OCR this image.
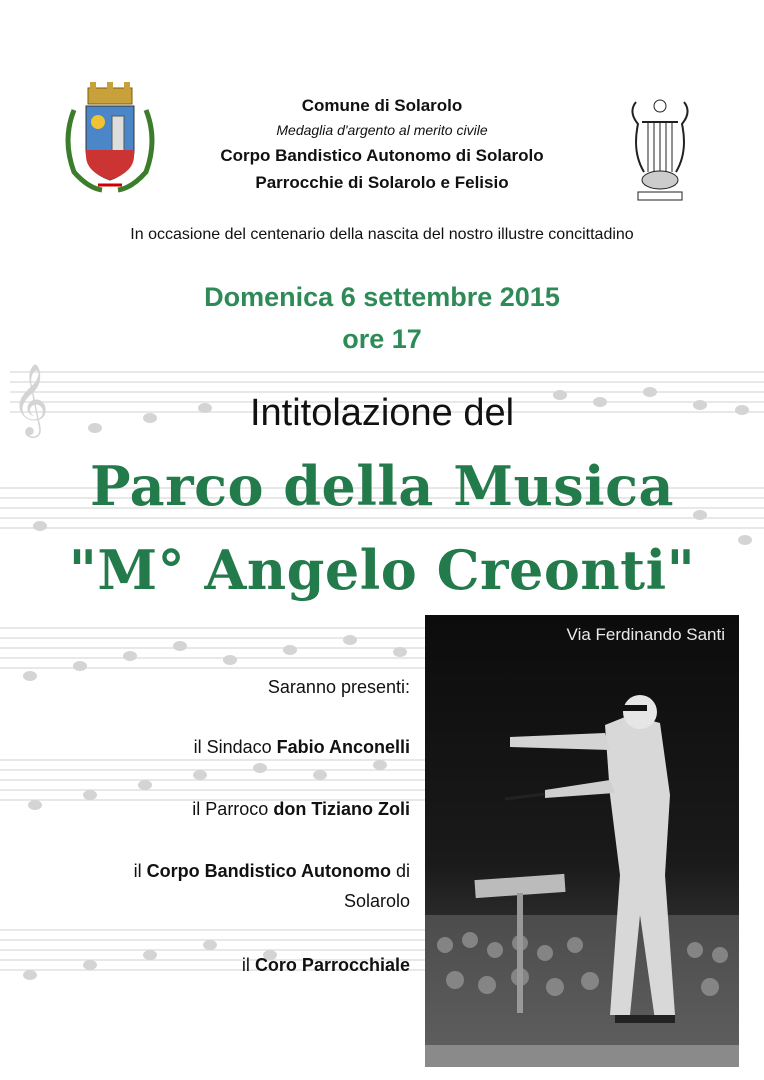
𝄞
Comune di Solarolo
Medaglia d'argento al merito civile
Corpo Bandistico Autonomo di Solarolo
Parrocchie di Solarolo e Felisio
In occasione del centenario della nascita del nostro illustre concittadino
Domenica 6 settembre 2015
ore 17
Intitolazione del
Parco della Musica
"M° Angelo Creonti"
Via Ferdinando Santi
Saranno presenti:
il Sindaco Fabio Anconelli
il Parroco don Tiziano Zoli
il Corpo Bandistico Autonomo di
Solarolo
il Coro Parrocchiale
